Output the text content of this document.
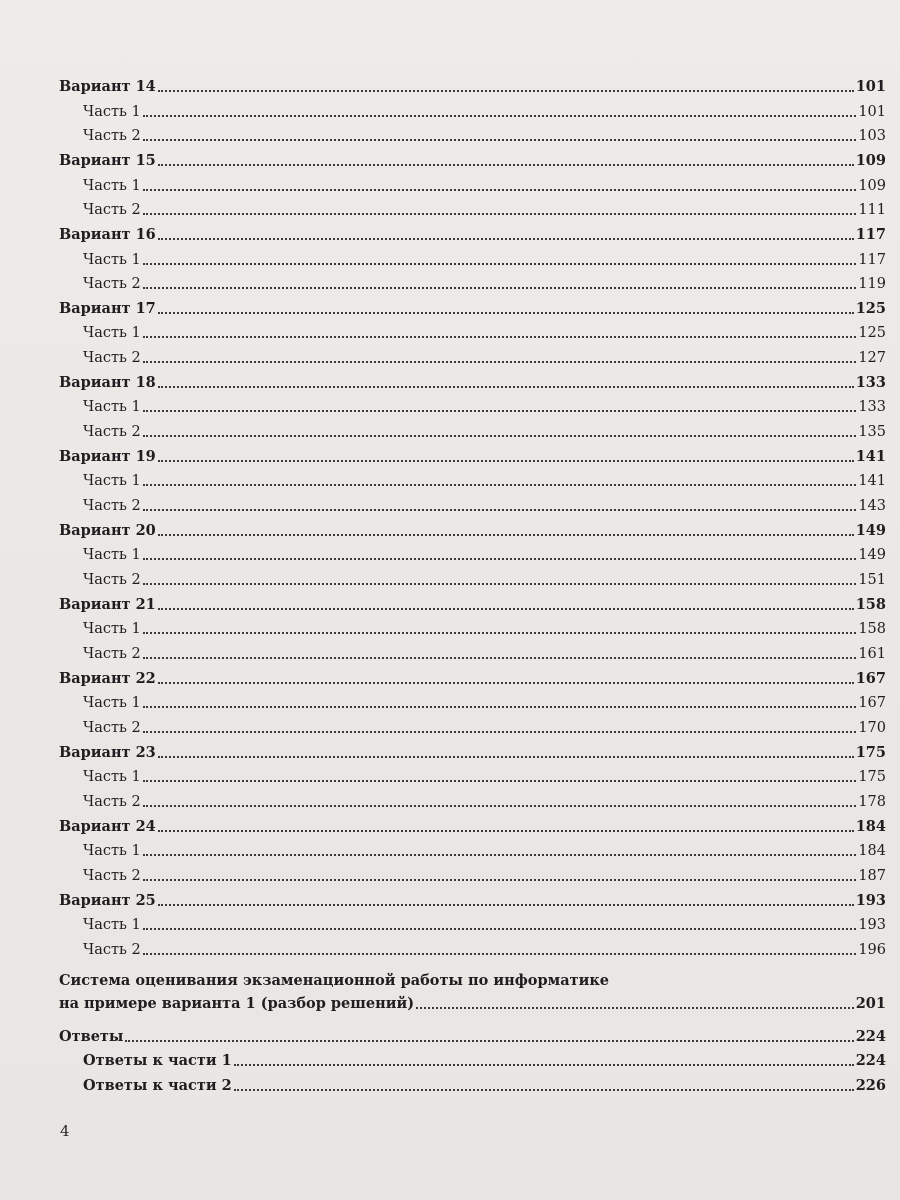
Вариант 14	101
Часть 1	101
Часть 2	103
Вариант 15	109
Часть 1	109
Часть 2	111
Вариант 16	117
Часть 1	117
Часть 2	119
Вариант 17	125
Часть 1	125
Часть 2	127
Вариант 18	133
Часть 1	133
Часть 2	135
Вариант 19	141
Часть 1	141
Часть 2	143
Вариант 20	149
Часть 1	149
Часть 2	151
Вариант 21	158
Часть 1	158
Часть 2	161
Вариант 22	167
Часть 1	167
Часть 2	170
Вариант 23	175
Часть 1	175
Часть 2	178
Вариант 24	184
Часть 1	184
Часть 2	187
Вариант 25	193
Часть 1	193
Часть 2	196
Система оценивания экзаменационной работы по информатике
на примере варианта 1 (разбор решений)	201
Ответы	224
Ответы к части 1	224
Ответы к части 2	226
4
